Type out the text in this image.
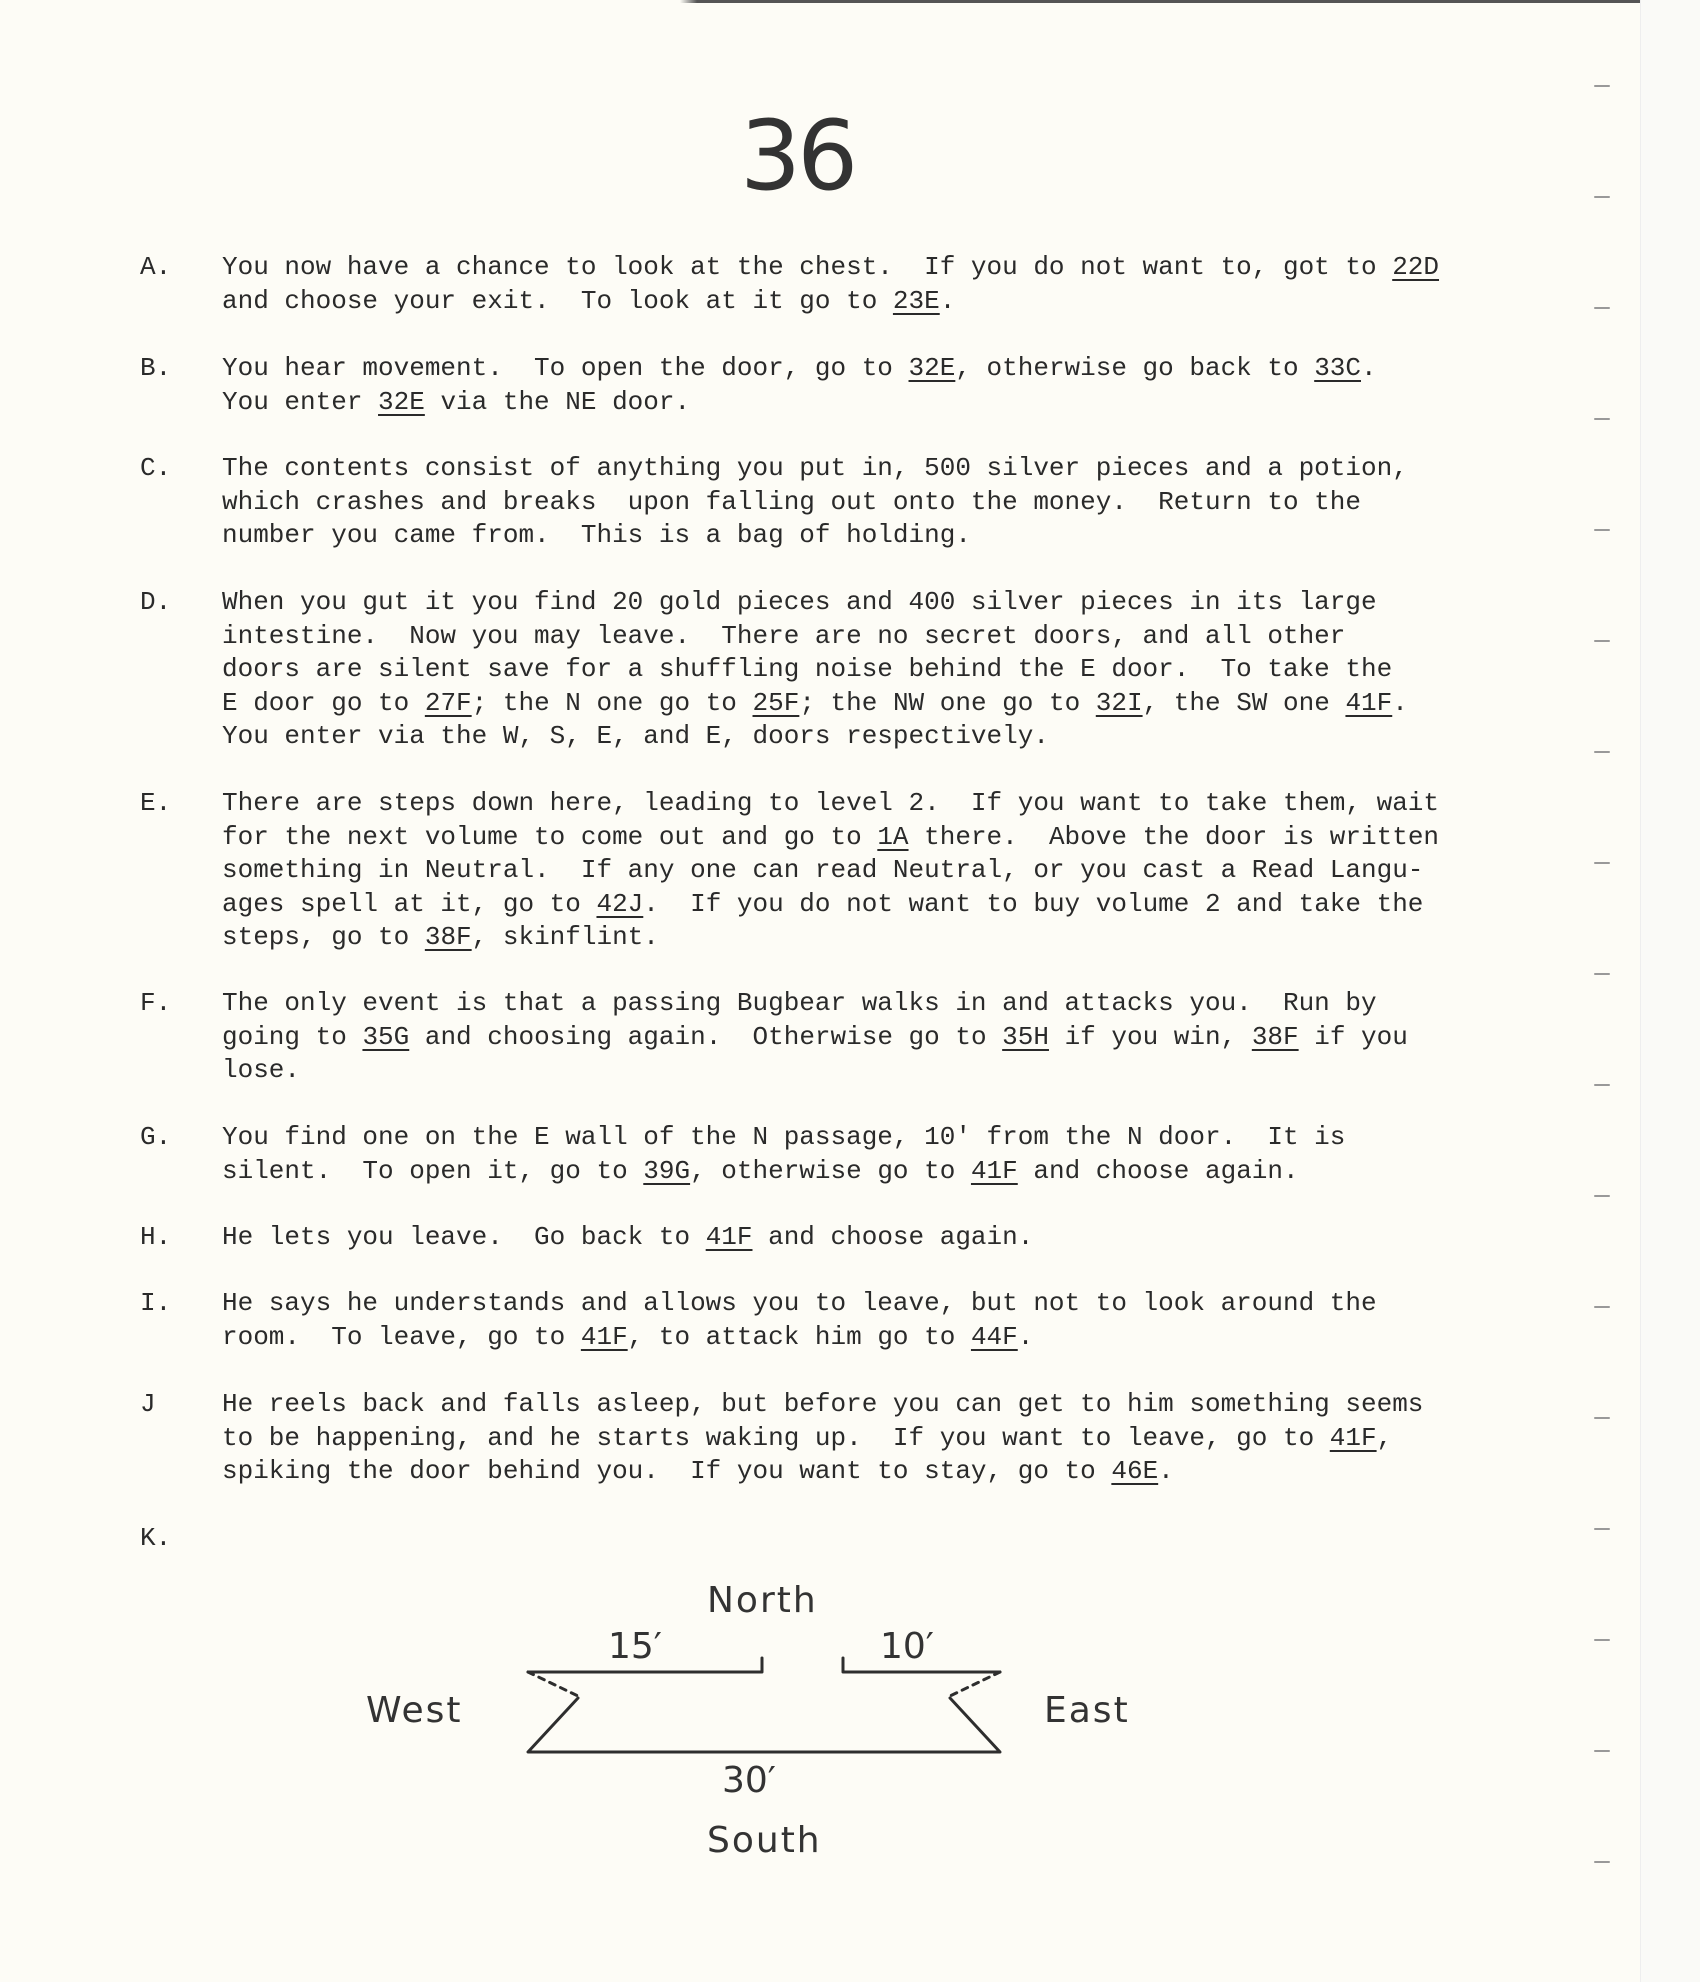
36
A. You now have a chance to look at the chest.  If you do not want to, got to 22D
and choose your exit.  To look at it go to 23E.
B. You hear movement.  To open the door, go to 32E, otherwise go back to 33C.
You enter 32E via the NE door.
C. The contents consist of anything you put in, 500 silver pieces and a potion,
which crashes and breaks  upon falling out onto the money.  Return to the
number you came from.  This is a bag of holding.
D. When you gut it you find 20 gold pieces and 400 silver pieces in its large
intestine.  Now you may leave.  There are no secret doors, and all other
doors are silent save for a shuffling noise behind the E door.  To take the
E door go to 27F; the N one go to 25F; the NW one go to 32I, the SW one 41F.
You enter via the W, S, E, and E, doors respectively.
E. There are steps down here, leading to level 2.  If you want to take them, wait
for the next volume to come out and go to 1A there.  Above the door is written
something in Neutral.  If any one can read Neutral, or you cast a Read Langu-
ages spell at it, go to 42J.  If you do not want to buy volume 2 and take the
steps, go to 38F, skinflint.
F. The only event is that a passing Bugbear walks in and attacks you.  Run by
going to 35G and choosing again.  Otherwise go to 35H if you win, 38F if you
lose.
G. You find one on the E wall of the N passage, 10' from the N door.  It is
silent.  To open it, go to 39G, otherwise go to 41F and choose again.
H. He lets you leave.  Go back to 41F and choose again.
I. He says he understands and allows you to leave, but not to look around the
room.  To leave, go to 41F, to attack him go to 44F.
J	He reels back and falls asleep, but before you can get to him something seems
to be happening, and he starts waking up.  If you want to leave, go to 41F,
spiking the door behind you.  If you want to stay, go to 46E.
K.
North
15′	10′
West	East
30′
South
